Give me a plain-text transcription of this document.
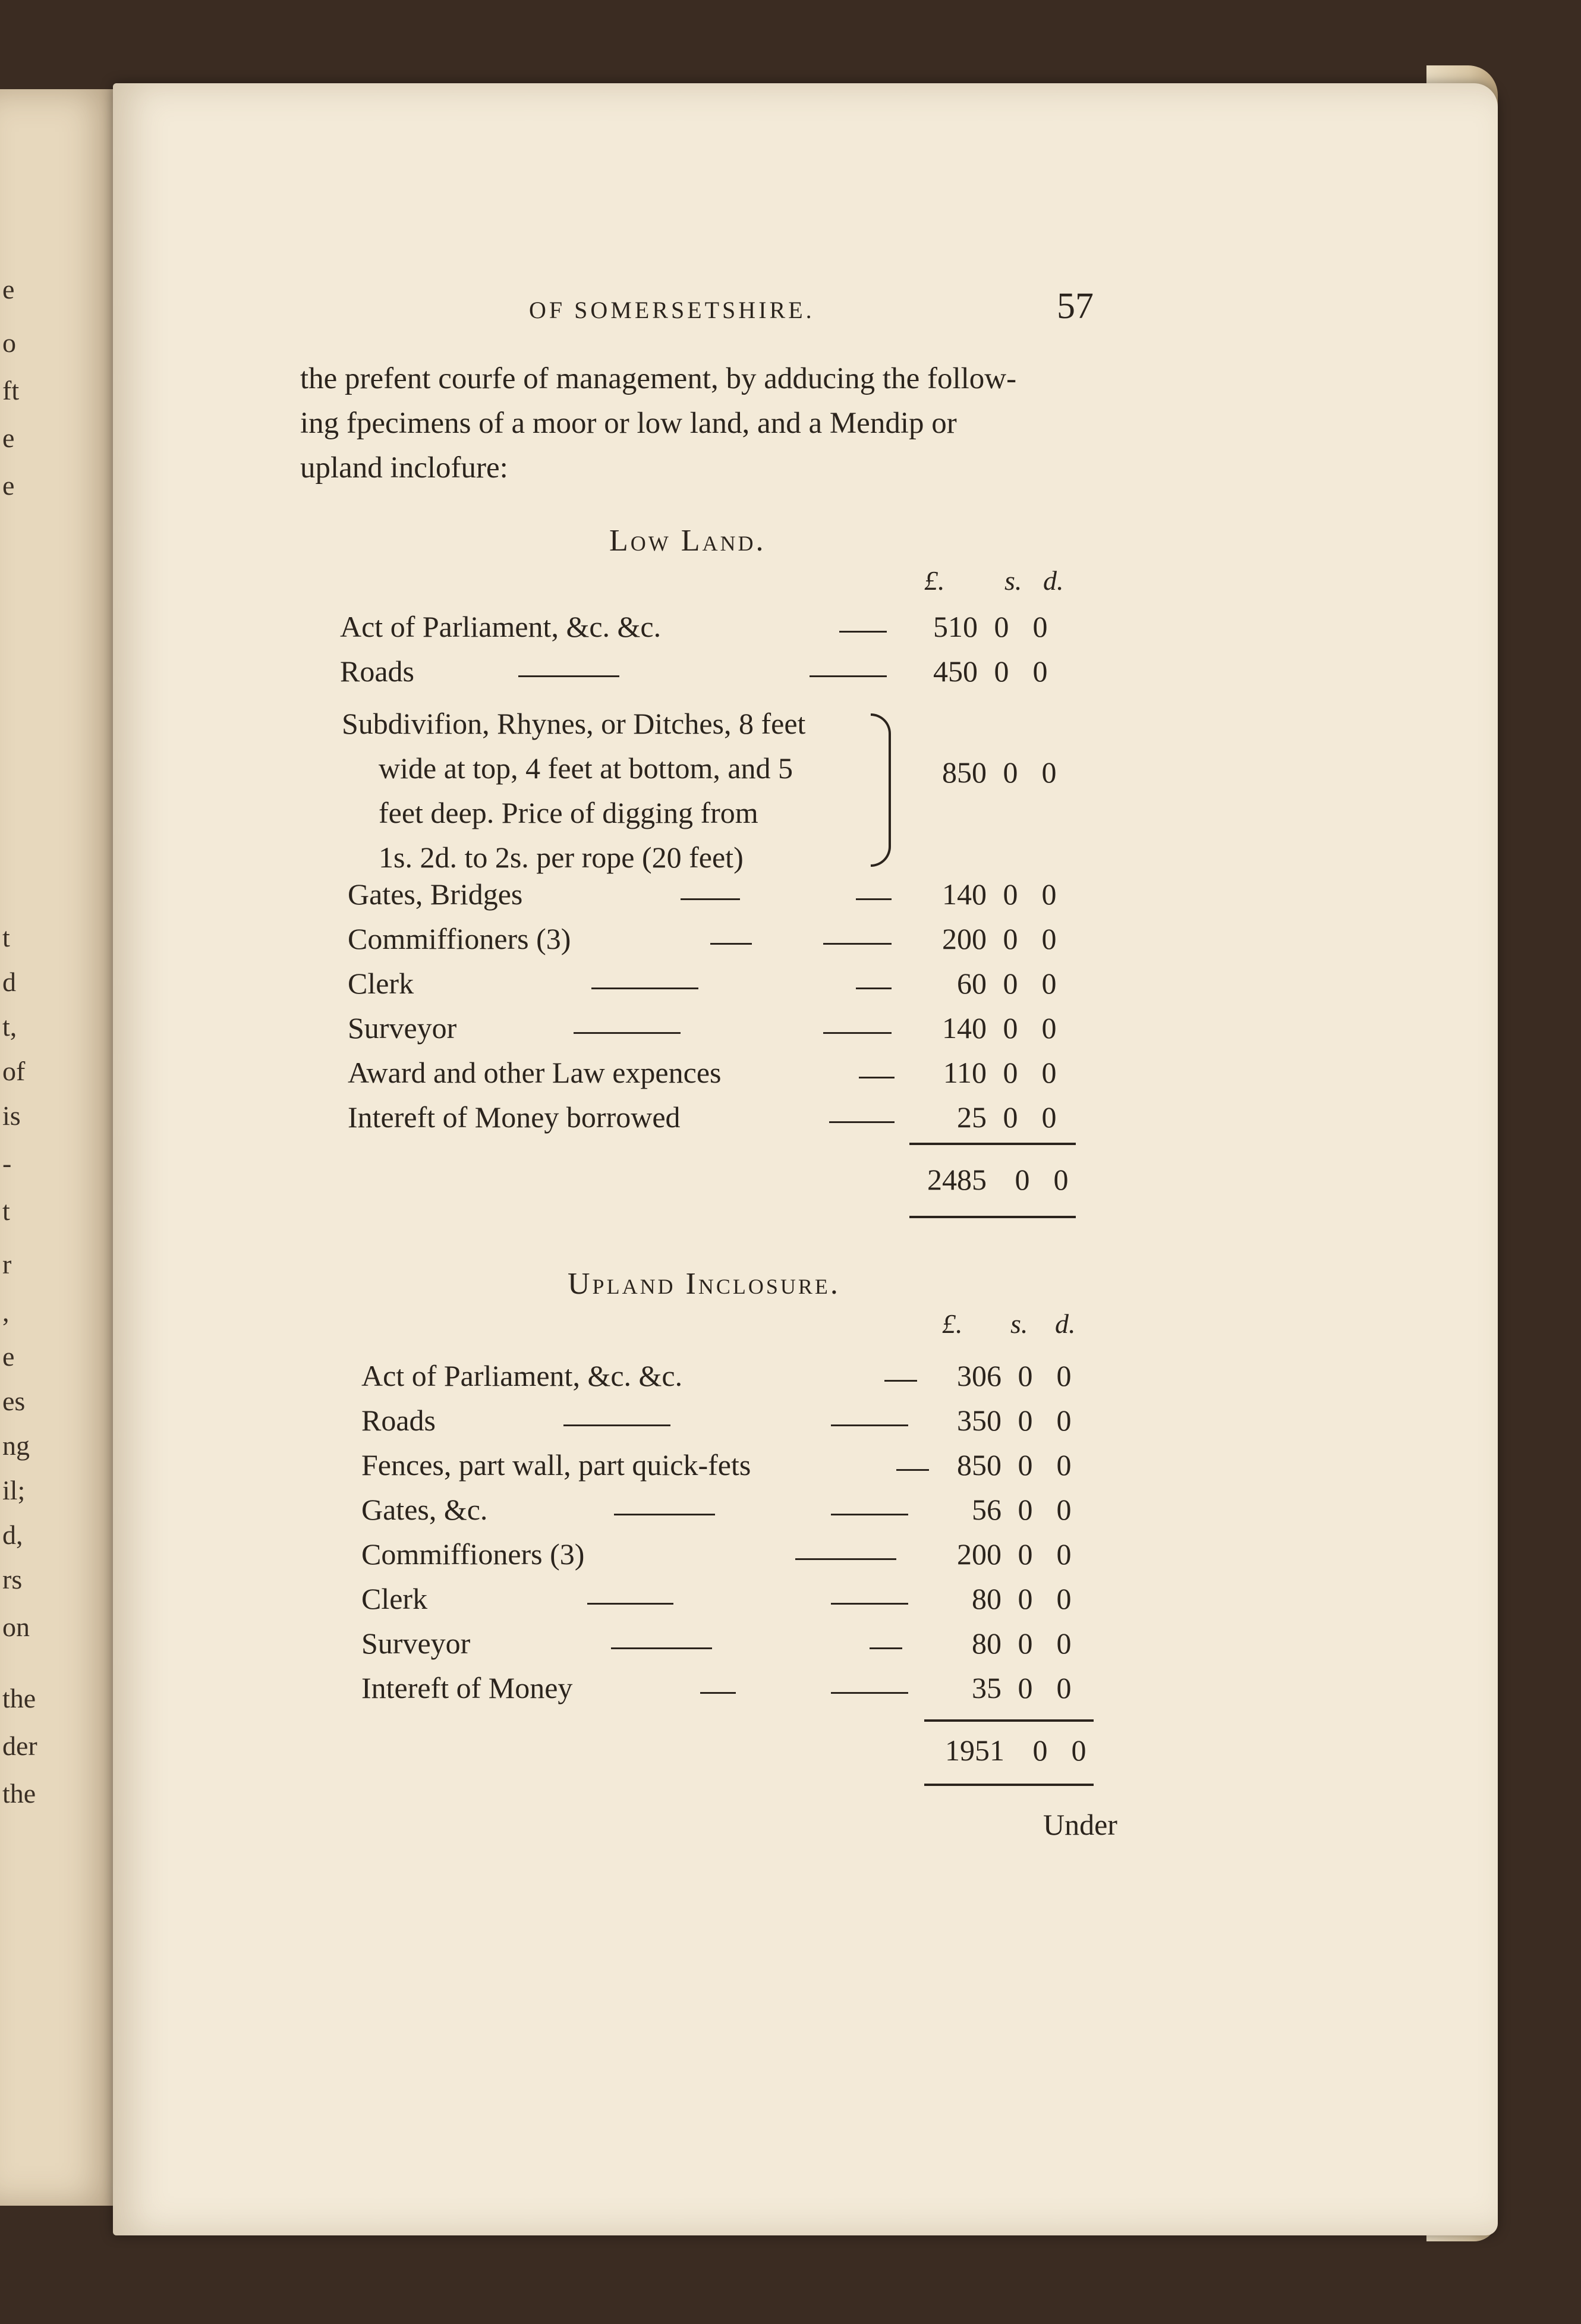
e
o
ft
e
e
t
d
t,
of
is
-
t
r
,
e
es
ng
il;
d,
rs
on
the
der
the
OF SOMERSETSHIRE.	57
the prefent courfe of management, by adducing the follow-
ing fpecimens of a moor or low land, and a Mendip or
upland inclofure:
Low Land.
£. s. d.
Act of Parliament, &c. &c.	510 0 0
Roads	450 0 0
Subdivifion, Rhynes, or Ditches, 8 feet
wide at top, 4 feet at bottom, and 5
feet deep. Price of digging from
1s. 2d. to 2s. per rope (20 feet)
850 0 0
Gates, Bridges	140 0 0
Commiffioners (3)	200 0 0
Clerk	60 0 0
Surveyor	140 0 0
Award and other Law expences	110 0 0
Intereft of Money borrowed	25 0 0
2485 0 0
Upland Inclosure.
£. s. d.
Act of Parliament, &c. &c.	306 0 0
Roads	350 0 0
Fences, part wall, part quick-fets	850 0 0
Gates, &c.	56 0 0
Commiffioners (3)	200 0 0
Clerk	80 0 0
Surveyor	80 0 0
Intereft of Money	35 0 0
1951 0 0
Under
